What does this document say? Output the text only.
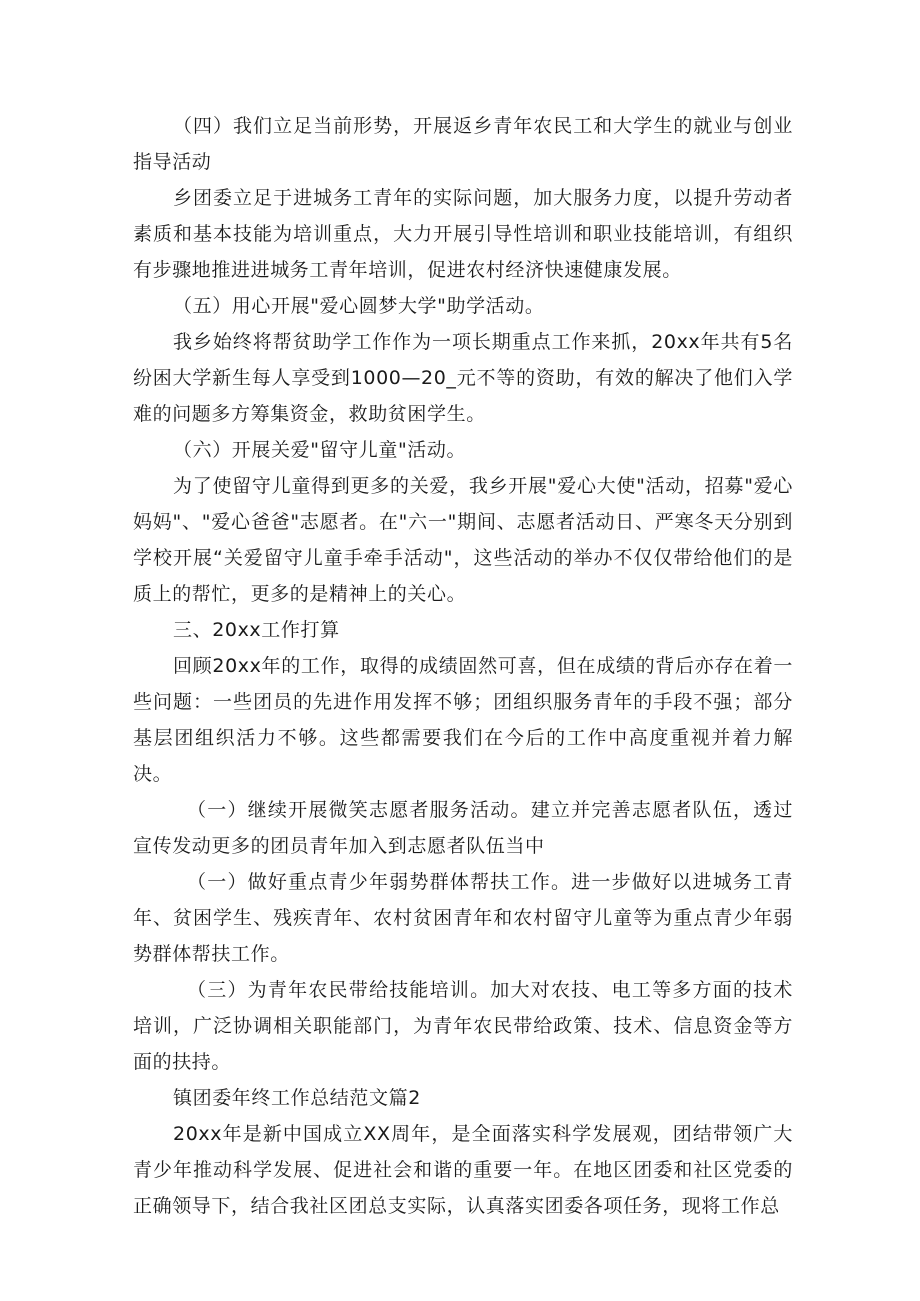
（四）我们立足当前形势，开展返乡青年农民工和大学生的就业与创业指导活动

乡团委立足于进城务工青年的实际问题，加大服务力度，以提升劳动者素质和基本技能为培训重点，大力开展引导性培训和职业技能培训，有组织有步骤地推进进城务工青年培训，促进农村经济快速健康发展。

（五）用心开展"爱心圆梦大学"助学活动。

我乡始终将帮贫助学工作作为一项长期重点工作来抓，20xx年共有5名纷困大学新生每人享受到1000—20_元不等的资助，有效的解决了他们入学难的问题多方筹集资金，救助贫困学生。

（六）开展关爱"留守儿童"活动。

为了使留守儿童得到更多的关爱，我乡开展"爱心大使"活动，招募"爱心妈妈"、"爱心爸爸"志愿者。在"六一"期间、志愿者活动日、严寒冬天分别到学校开展“关爱留守儿童手牵手活动"，这些活动的举办不仅仅带给他们的是质上的帮忙，更多的是精神上的关心。

三、20xx工作打算

回顾20xx年的工作，取得的成绩固然可喜，但在成绩的背后亦存在着一些问题：一些团员的先进作用发挥不够；团组织服务青年的手段不强；部分基层团组织活力不够。这些都需要我们在今后的工作中高度重视并着力解决。

（一）继续开展微笑志愿者服务活动。建立并完善志愿者队伍，透过宣传发动更多的团员青年加入到志愿者队伍当中

（一）做好重点青少年弱势群体帮扶工作。进一步做好以进城务工青年、贫困学生、残疾青年、农村贫困青年和农村留守儿童等为重点青少年弱势群体帮扶工作。

（三）为青年农民带给技能培训。加大对农技、电工等多方面的技术培训，广泛协调相关职能部门，为青年农民带给政策、技术、信息资金等方面的扶持。

镇团委年终工作总结范文篇2

20xx年是新中国成立XX周年，是全面落实科学发展观，团结带领广大青少年推动科学发展、促进社会和谐的重要一年。在地区团委和社区党委的正确领导下，结合我社区团总支实际，认真落实团委各项任务，现将工作总
